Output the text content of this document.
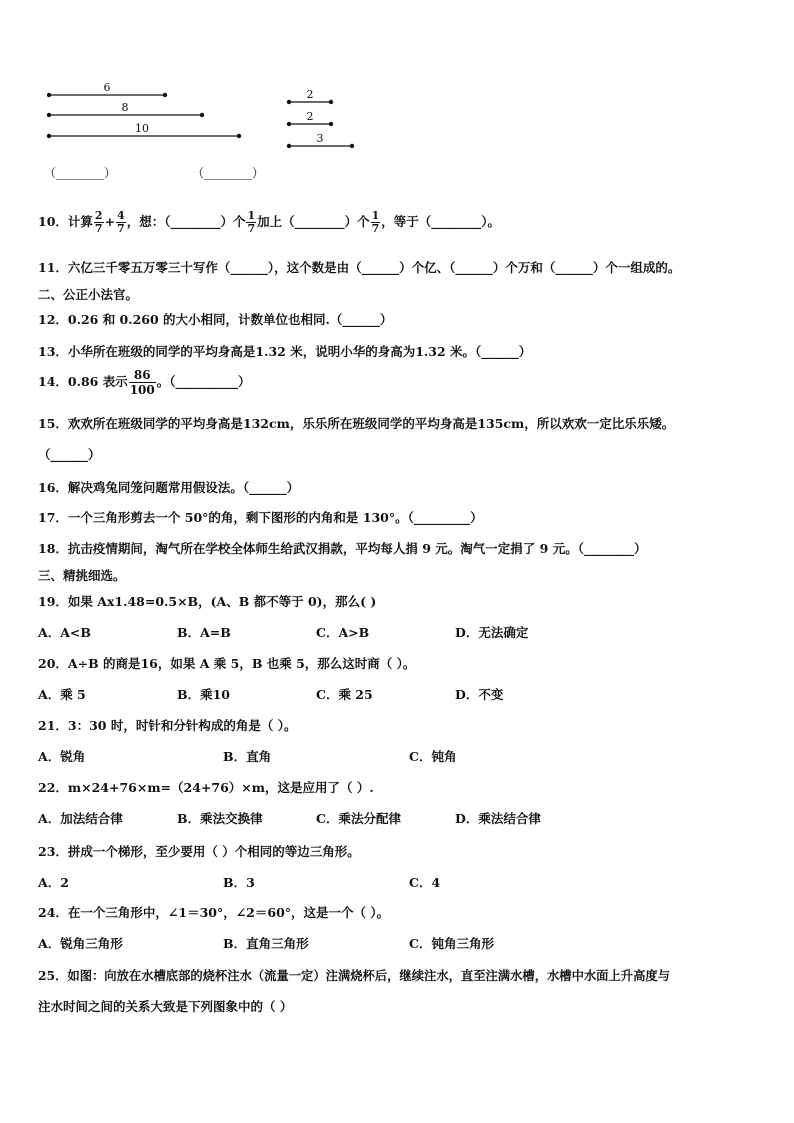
6
8
10
2
2
3
（________）	（________）
10．计算 $\frac{2}{7} + \frac{4}{7}$ ，想：（________）个 $\frac{1}{7}$ 加上（________）个 $\frac{1}{7}$ ，等于（________）。
11．六亿三千零五万零三十写作（______），这个数是由（______）个亿、（______）个万和（______）个一组成的。
二、公正小法官。
12．0.26 和 0.260 的大小相同，计数单位也相同.（______）
13．小华所在班级的同学的平均身高是1.32 米，说明小华的身高为1.32 米。（______）
14．0.86 表示 $\frac{86}{100}$ 。（__________）
15．欢欢所在班级同学的平均身高是132cm，乐乐所在班级同学的平均身高是135cm，所以欢欢一定比乐乐矮。
（______）
16．解决鸡兔同笼问题常用假设法。（______）
17．一个三角形剪去一个 50°的角，剩下图形的内角和是 130°。（_________）
18．抗击疫情期间，淘气所在学校全体师生给武汉捐款，平均每人捐 9 元。淘气一定捐了 9 元。（________）
三、精挑细选。
19．如果 Ax1.48=0.5×B，(A、B 都不等于 0)，那么( )
A．A<B	B．A=B	C．A>B	D．无法确定
20．A÷B 的商是16，如果 A 乘 5，B 也乘 5，那么这时商（ ）。
A．乘 5	B．乘10	C．乘 25	D．不变
21．3：30 时，时针和分针构成的角是（ ）。
A．锐角	B．直角	C．钝角
22．m×24+76×m=（24+76）×m，这是应用了（ ）.
A．加法结合律	B．乘法交换律	C．乘法分配律	D．乘法结合律
23．拼成一个梯形，至少要用（ ）个相同的等边三角形。
A．2	B．3	C．4
24．在一个三角形中，∠1＝30°，∠2＝60°，这是一个（ ）。
A．锐角三角形	B．直角三角形	C．钝角三角形
25．如图：向放在水槽底部的烧杯注水（流量一定）注满烧杯后，继续注水，直至注满水槽，水槽中水面上升高度与
注水时间之间的关系大致是下列图象中的（ ）
